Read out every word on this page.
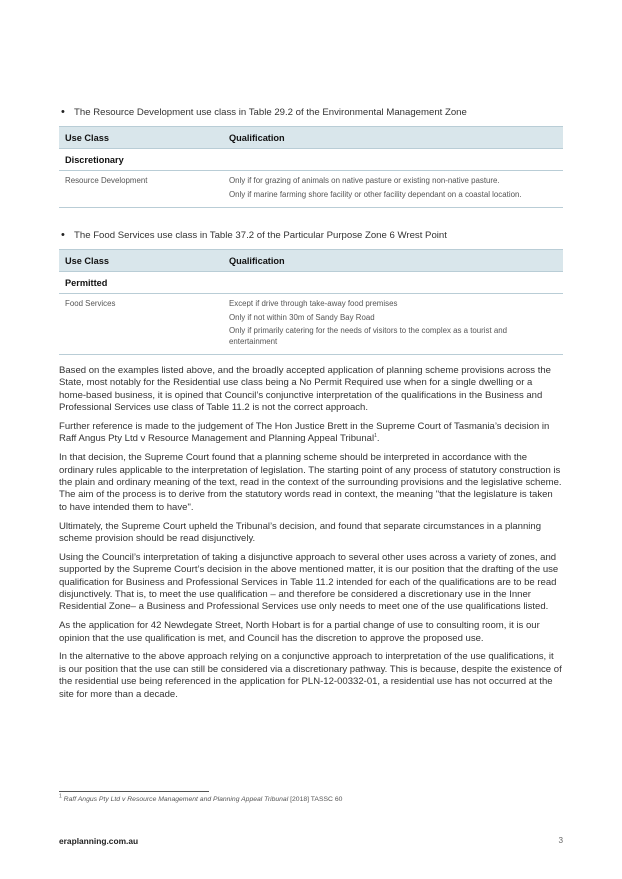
• The Resource Development use class in Table 29.2 of the Environmental Management Zone
Use Class	Qualification
Discretionary
Resource Development	Only if for grazing of animals on native pasture or existing non-native pasture.
Only if marine farming shore facility or other facility dependant on a coastal location.
• The Food Services use class in Table 37.2 of the Particular Purpose Zone 6 Wrest Point
Use Class	Qualification
Permitted
Food Services	Except if drive through take-away food premises
Only if not within 30m of Sandy Bay Road
Only if primarily catering for the needs of visitors to the complex as a tourist and entertainment

Based on the examples listed above, and the broadly accepted application of planning scheme provisions across the State, most notably for the Residential use class being a No Permit Required use when for a single dwelling or a home-based business, it is opined that Council’s conjunctive interpretation of the qualifications in the Business and Professional Services use class of Table 11.2 is not the correct approach.

Further reference is made to the judgement of The Hon Justice Brett in the Supreme Court of Tasmania’s decision in Raff Angus Pty Ltd v Resource Management and Planning Appeal Tribunal$^1$.

In that decision, the Supreme Court found that a planning scheme should be interpreted in accordance with the ordinary rules applicable to the interpretation of legislation. The starting point of any process of statutory construction is the plain and ordinary meaning of the text, read in the context of the surrounding provisions and the legislative scheme. The aim of the process is to derive from the statutory words read in context, the meaning "that the legislature is taken to have intended them to have".

Ultimately, the Supreme Court upheld the Tribunal’s decision, and found that separate circumstances in a planning scheme provision should be read disjunctively.

Using the Council’s interpretation of taking a disjunctive approach to several other uses across a variety of zones, and supported by the Supreme Court’s decision in the above mentioned matter, it is our position that the drafting of the use qualification for Business and Professional Services in Table 11.2 intended for each of the qualifications are to be read disjunctively. That is, to meet the use qualification – and therefore be considered a discretionary use in the Inner Residential Zone– a Business and Professional Services use only needs to meet one of the use qualifications listed.

As the application for 42 Newdegate Street, North Hobart is for a partial change of use to consulting room, it is our opinion that the use qualification is met, and Council has the discretion to approve the proposed use.

In the alternative to the above approach relying on a conjunctive approach to interpretation of the use qualifications, it is our position that the use can still be considered via a discretionary pathway. This is because, despite the existence of the residential use being referenced in the application for PLN-12-00332-01, a residential use has not occurred at the site for more than a decade.

$^1$ Raff Angus Pty Ltd v Resource Management and Planning Appeal Tribunal [2018] TASSC 60
eraplanning.com.au	3
